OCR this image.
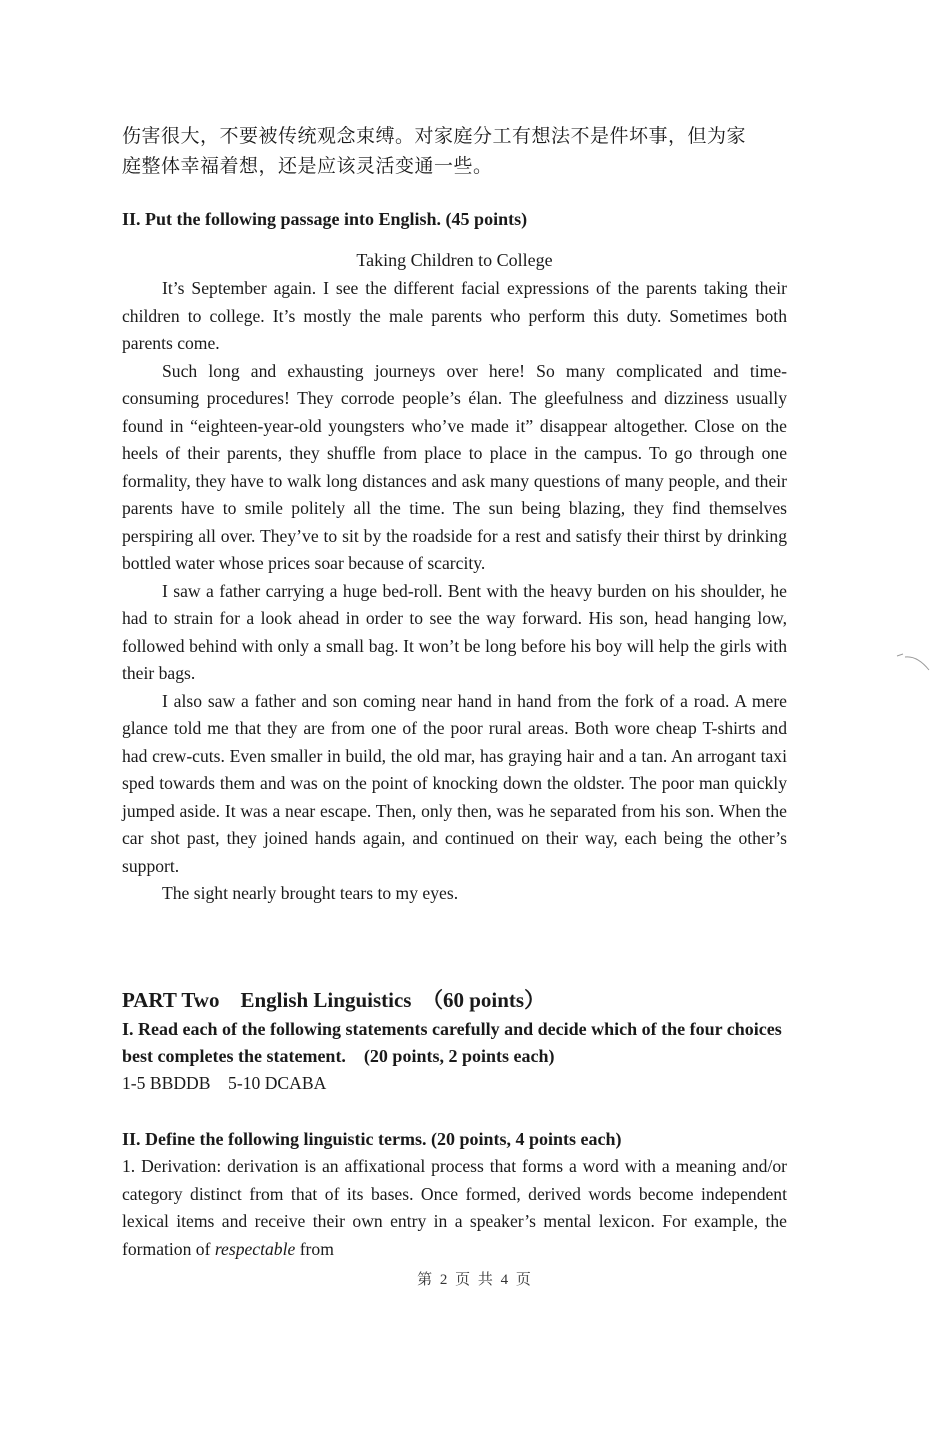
伤害很大，不要被传统观念束缚。对家庭分工有想法不是件坏事，但为家

庭整体幸福着想，还是应该灵活变通一些。

II. Put the following passage into English. (45 points)

Taking Children to College

It’s September again. I see the different facial expressions of the parents taking their children to college. It’s mostly the male parents who perform this duty. Sometimes both parents come.

Such long and exhausting journeys over here! So many complicated and time-consuming procedures! They corrode people’s élan. The gleefulness and dizziness usually found in “eighteen-year-old youngsters who’ve made it” disappear altogether. Close on the heels of their parents, they shuffle from place to place in the campus. To go through one formality, they have to walk long distances and ask many questions of many people, and their parents have to smile politely all the time. The sun being blazing, they find themselves perspiring all over. They’ve to sit by the roadside for a rest and satisfy their thirst by drinking bottled water whose prices soar because of scarcity.

I saw a father carrying a huge bed-roll. Bent with the heavy burden on his shoulder, he had to strain for a look ahead in order to see the way forward. His son, head hanging low, followed behind with only a small bag. It won’t be long before his boy will help the girls with their bags.

I also saw a father and son coming near hand in hand from the fork of a road. A mere glance told me that they are from one of the poor rural areas. Both wore cheap T-shirts and had crew-cuts. Even smaller in build, the old mar, has graying hair and a tan. An arrogant taxi sped towards them and was on the point of knocking down the oldster. The poor man quickly jumped aside. It was a near escape. Then, only then, was he separated from his son. When the car shot past, they joined hands again, and continued on their way, each being the other’s support.

The sight nearly brought tears to my eyes.

PART Two　English Linguistics　（60 points）

I. Read each of the following statements carefully and decide which of the four choices best completes the statement.　(20 points, 2 points each)

1-5 BBDDB　5-10 DCABA

II. Define the following linguistic terms. (20 points, 4 points each)

1. Derivation: derivation is an affixational process that forms a word with a meaning and/or category distinct from that of its bases. Once formed, derived words become independent lexical items and receive their own entry in a speaker’s mental lexicon. For example, the formation of respectable from

第 2 页 共 4 页
